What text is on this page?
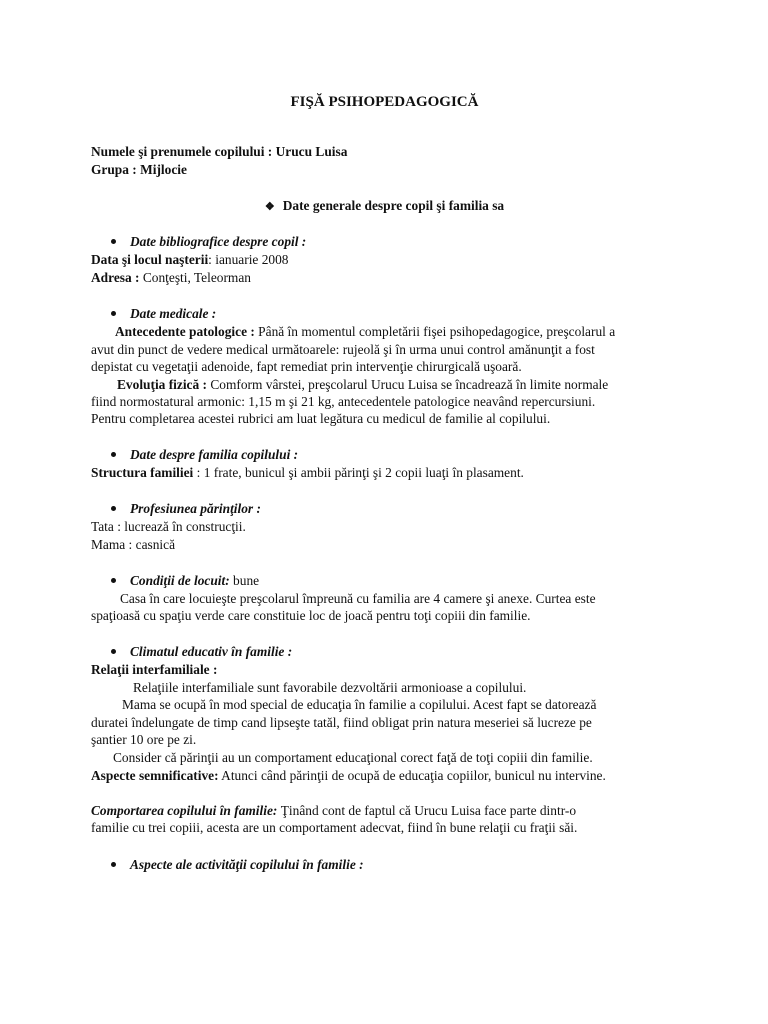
FIŞĂ PSIHOPEDAGOGICĂ
Numele şi prenumele copilului : Urucu Luisa
Grupa : Mijlocie
❖ Date generale despre copil şi familia sa
Date bibliografice despre copil :
Data şi locul naşterii: ianuarie 2008
Adresa : Conţeşti, Teleorman
Date medicale :
Antecedente patologice : Până în momentul completării fişei psihopedagogice, preşcolarul a
avut din punct de vedere medical următoarele: rujeolă şi în urma unui control amănunţit a fost
depistat cu vegetaţii adenoide, fapt remediat prin intervenţie chirurgicală uşoară.
Evoluţia fizică : Comform vârstei, preşcolarul Urucu Luisa se încadrează în limite normale
fiind normostatural armonic: 1,15 m şi 21 kg, antecedentele patologice neavând repercursiuni.
Pentru completarea acestei rubrici am luat legătura cu medicul de familie al copilului.
Date despre familia copilului :
Structura familiei : 1 frate, bunicul şi ambii părinţi şi 2 copii luaţi în plasament.
Profesiunea părinţilor :
Tata : lucrează în construcţii.
Mama : casnică
Condiţii de locuit: bune
Casa în care locuieşte preşcolarul împreună cu familia are 4 camere şi anexe. Curtea este
spaţioasă cu spaţiu verde care constituie loc de joacă pentru toţi copiii din familie.
Climatul educativ în familie :
Relaţii interfamiliale :
Relaţiile interfamiliale sunt favorabile dezvoltării armonioase a copilului.
Mama se ocupă în mod special de educaţia în familie a copilului. Acest fapt se datorează
duratei îndelungate de timp cand lipseşte tatăl, fiind obligat prin natura meseriei să lucreze pe
şantier 10 ore pe zi.
Consider că părinţii au un comportament educaţional corect faţă de toţi copiii din familie.
Aspecte semnificative: Atunci când părinţii de ocupă de educaţia copiilor, bunicul nu intervine.
Comportarea copilului în familie: Ţinând cont de faptul că Urucu Luisa face parte dintr-o
familie cu trei copiii, acesta are un comportament adecvat, fiind în bune relaţii cu fraţii săi.
Aspecte ale activităţii copilului în familie :
